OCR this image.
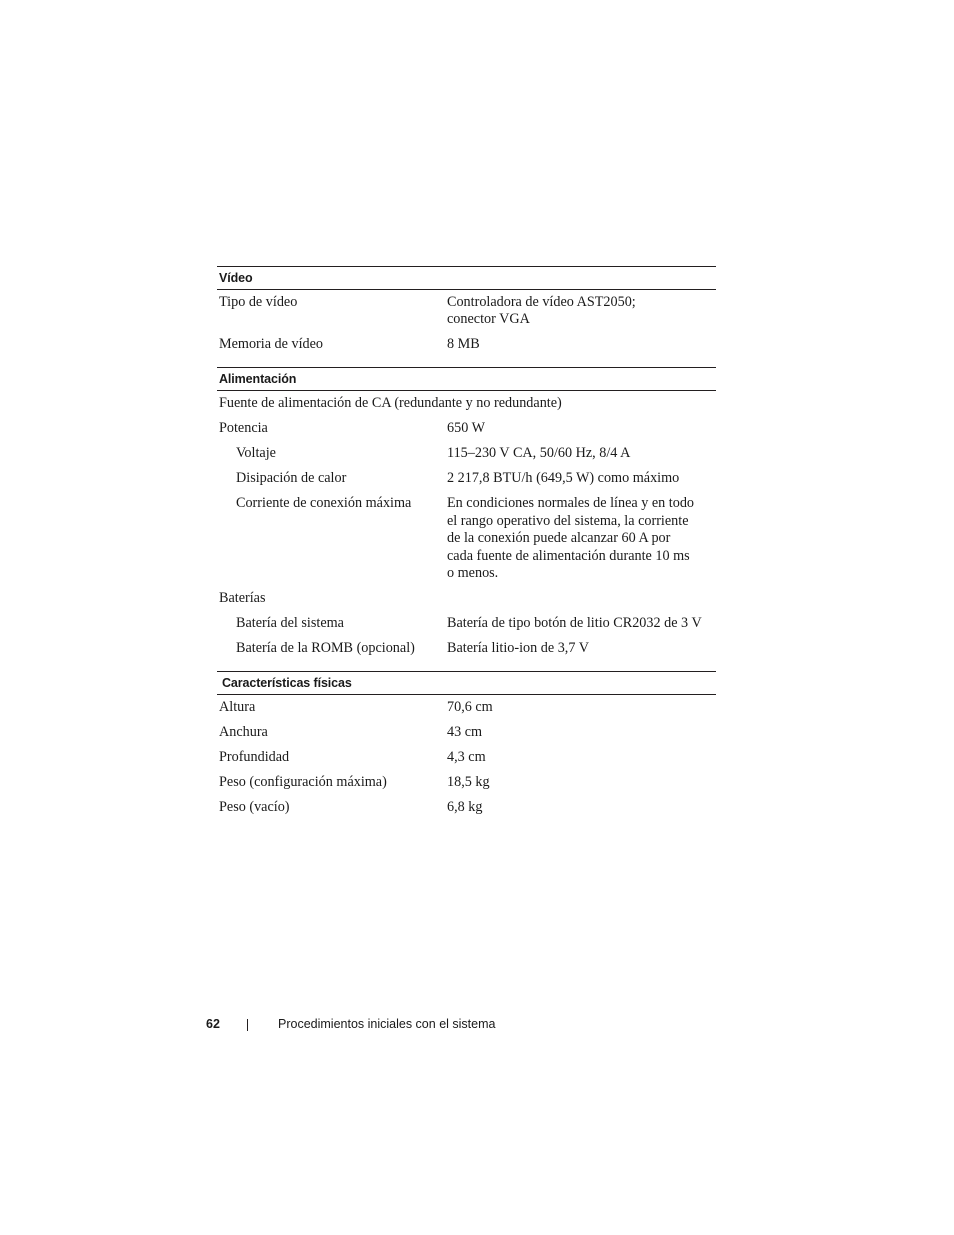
Vídeo
Tipo de vídeo	Controladora de vídeo AST2050;
conector VGA
Memoria de vídeo	8 MB
Alimentación
Fuente de alimentación de CA (redundante y no redundante)
Potencia	650 W
Voltaje	115–230 V CA, 50/60 Hz, 8/4 A
Disipación de calor	2 217,8 BTU/h (649,5 W) como máximo
Corriente de conexión máxima	En condiciones normales de línea y en todo
el rango operativo del sistema, la corriente
de la conexión puede alcanzar 60 A por
cada fuente de alimentación durante 10 ms
o menos.
Baterías
Batería del sistema	Batería de tipo botón de litio CR2032 de 3 V
Batería de la ROMB (opcional)	Batería litio-ion de 3,7 V
Características físicas
Altura	70,6 cm
Anchura	43 cm
Profundidad	4,3 cm
Peso (configuración máxima)	18,5 kg
Peso (vacío)	6,8 kg
62	Procedimientos iniciales con el sistema
